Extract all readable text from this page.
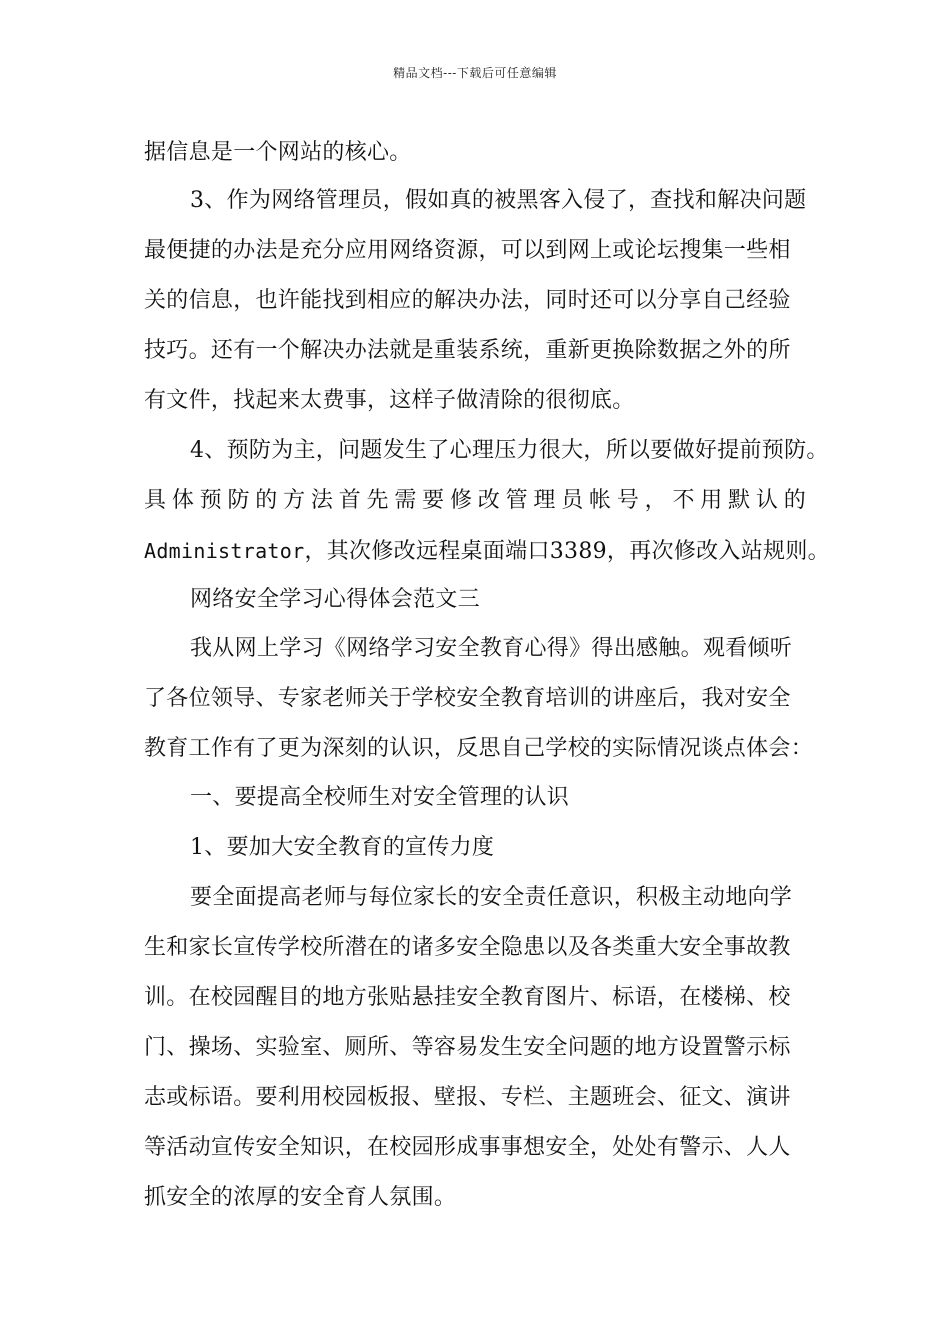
精品文档---下载后可任意编辑
据信息是一个网站的核心。
3、作为网络管理员，假如真的被黑客入侵了，查找和解决问题
最便捷的办法是充分应用网络资源，可以到网上或论坛搜集一些相
关的信息，也许能找到相应的解决办法，同时还可以分享自己经验
技巧。还有一个解决办法就是重装系统，重新更换除数据之外的所
有文件，找起来太费事，这样子做清除的很彻底。
4、预防为主，问题发生了心理压力很大，所以要做好提前预防。
具体预防的方法首先需要修改管理员帐号，不用默认的
Administrator，其次修改远程桌面端口3389，再次修改入站规则。
网络安全学习心得体会范文三
我从网上学习《网络学习安全教育心得》得出感触。观看倾听
了各位领导、专家老师关于学校安全教育培训的讲座后，我对安全
教育工作有了更为深刻的认识，反思自己学校的实际情况谈点体会：
一、要提高全校师生对安全管理的认识
1、要加大安全教育的宣传力度
要全面提高老师与每位家长的安全责任意识，积极主动地向学
生和家长宣传学校所潜在的诸多安全隐患以及各类重大安全事故教
训。在校园醒目的地方张贴悬挂安全教育图片、标语，在楼梯、校
门、操场、实验室、厕所、等容易发生安全问题的地方设置警示标
志或标语。要利用校园板报、壁报、专栏、主题班会、征文、演讲
等活动宣传安全知识，在校园形成事事想安全，处处有警示、人人
抓安全的浓厚的安全育人氛围。
